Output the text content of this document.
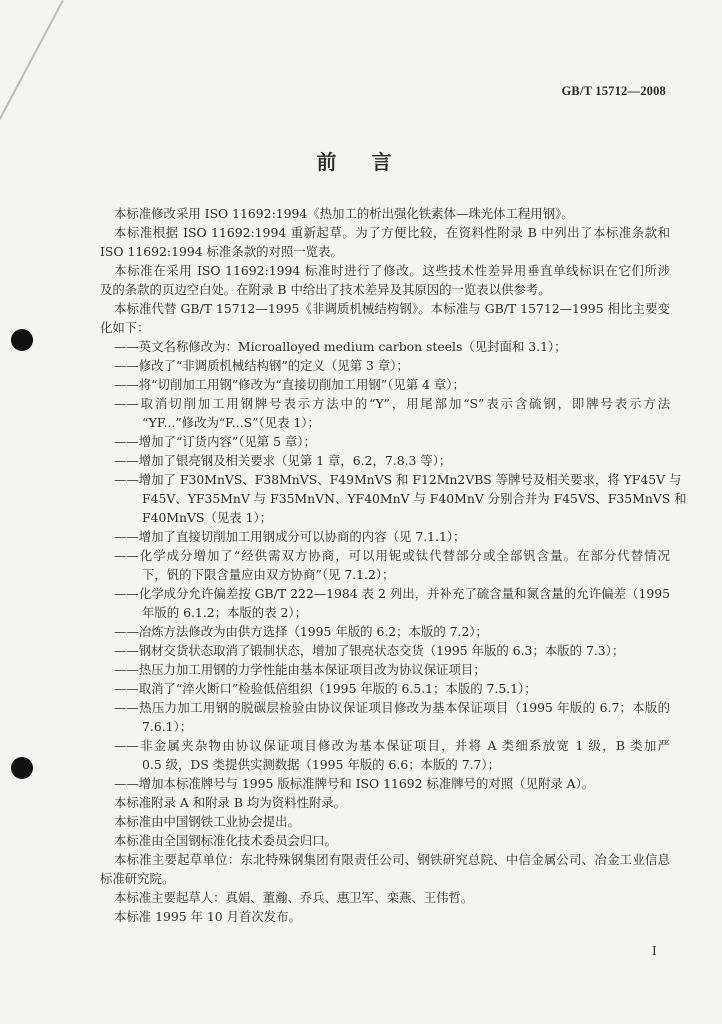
GB/T 15712—2008
前 言
本标准修改采用 ISO 11692:1994《热加工的析出强化铁素体—珠光体工程用钢》。
本标准根据 ISO 11692:1994 重新起草。为了方便比较，在资料性附录 B 中列出了本标准条款和
ISO 11692:1994 标准条款的对照一览表。
本标准在采用 ISO 11692:1994 标准时进行了修改。这些技术性差异用垂直单线标识在它们所涉
及的条款的页边空白处。在附录 B 中给出了技术差异及其原因的一览表以供参考。
本标准代替 GB/T 15712—1995《非调质机械结构钢》。本标准与 GB/T 15712—1995 相比主要变
化如下：
——英文名称修改为：Microalloyed medium carbon steels（见封面和 3.1）；
——修改了“非调质机械结构钢”的定义（见第 3 章）；
——将“切削加工用钢”修改为“直接切削加工用钢”（见第 4 章）；
——取消切削加工用钢牌号表示方法中的“Y”，用尾部加“S”表示含硫钢，即牌号表示方法
“YF...”修改为“F...S”（见表 1）；
——增加了“订货内容”（见第 5 章）；
——增加了银亮钢及相关要求（见第 1 章，6.2，7.8.3 等）；
——增加了 F30MnVS、F38MnVS、F49MnVS 和 F12Mn2VBS 等牌号及相关要求，将 YF45V 与
F45V、YF35MnV 与 F35MnVN、YF40MnV 与 F40MnV 分别合并为 F45VS、F35MnVS 和
F40MnVS（见表 1）；
——增加了直接切削加工用钢成分可以协商的内容（见 7.1.1）；
——化学成分增加了“经供需双方协商，可以用铌或钛代替部分或全部钒含量。在部分代替情况
下，钒的下限含量应由双方协商”（见 7.1.2）；
——化学成分允许偏差按 GB/T 222—1984 表 2 列出，并补充了硫含量和氮含量的允许偏差（1995
年版的 6.1.2；本版的表 2）；
——冶炼方法修改为由供方选择（1995 年版的 6.2；本版的 7.2）；
——钢材交货状态取消了锻制状态，增加了银亮状态交货（1995 年版的 6.3；本版的 7.3）；
——热压力加工用钢的力学性能由基本保证项目改为协议保证项目；
——取消了“淬火断口”检验低倍组织（1995 年版的 6.5.1；本版的 7.5.1）；
——热压力加工用钢的脱碳层检验由协议保证项目修改为基本保证项目（1995 年版的 6.7；本版的
7.6.1）；
——非金属夹杂物由协议保证项目修改为基本保证项目，并将 A 类细系放宽 1 级，B 类加严
0.5 级，DS 类提供实测数据（1995 年版的 6.6；本版的 7.7）；
——增加本标准牌号与 1995 版标准牌号和 ISO 11692 标准牌号的对照（见附录 A）。
本标准附录 A 和附录 B 均为资料性附录。
本标准由中国钢铁工业协会提出。
本标准由全国钢标准化技术委员会归口。
本标准主要起草单位：东北特殊钢集团有限责任公司、钢铁研究总院、中信金属公司、冶金工业信息
标准研究院。
本标准主要起草人：真娟、董瀚、乔兵、惠卫军、栾燕、王伟哲。
本标准 1995 年 10 月首次发布。
I
